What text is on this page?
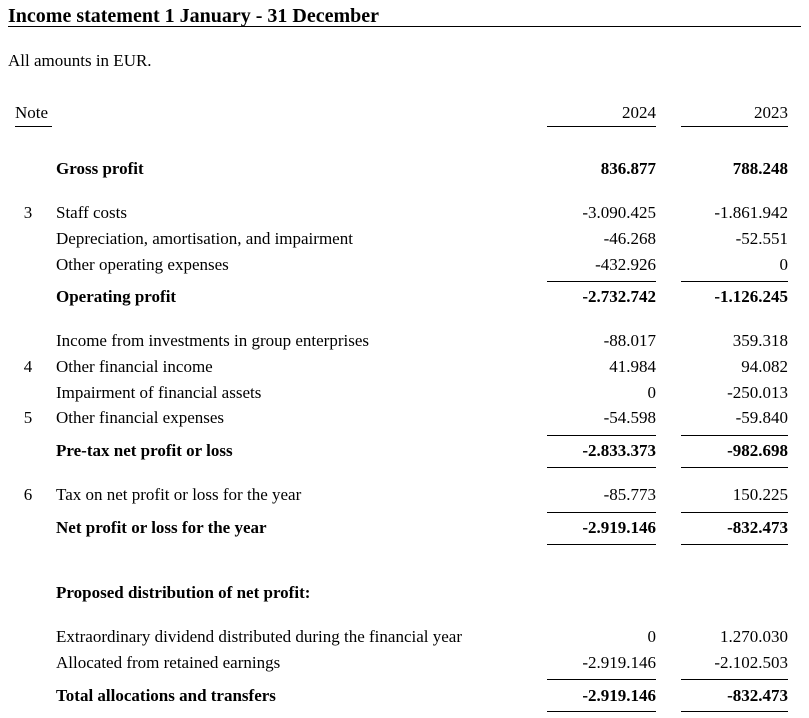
Income statement 1 January - 31 December
All amounts in EUR.
Note	2024	2023
Gross profit	836.877	788.248
3	Staff costs	-3.090.425	-1.861.942
Depreciation, amortisation, and impairment	-46.268	-52.551
Other operating expenses	-432.926	0
Operating profit	-2.732.742	-1.126.245
Income from investments in group enterprises	-88.017	359.318
4	Other financial income	41.984	94.082
Impairment of financial assets	0	-250.013
5	Other financial expenses	-54.598	-59.840
Pre-tax net profit or loss	-2.833.373	-982.698
6	Tax on net profit or loss for the year	-85.773	150.225
Net profit or loss for the year	-2.919.146	-832.473
Proposed distribution of net profit:
Extraordinary dividend distributed during the financial year	0	1.270.030
Allocated from retained earnings	-2.919.146	-2.102.503
Total allocations and transfers	-2.919.146	-832.473
